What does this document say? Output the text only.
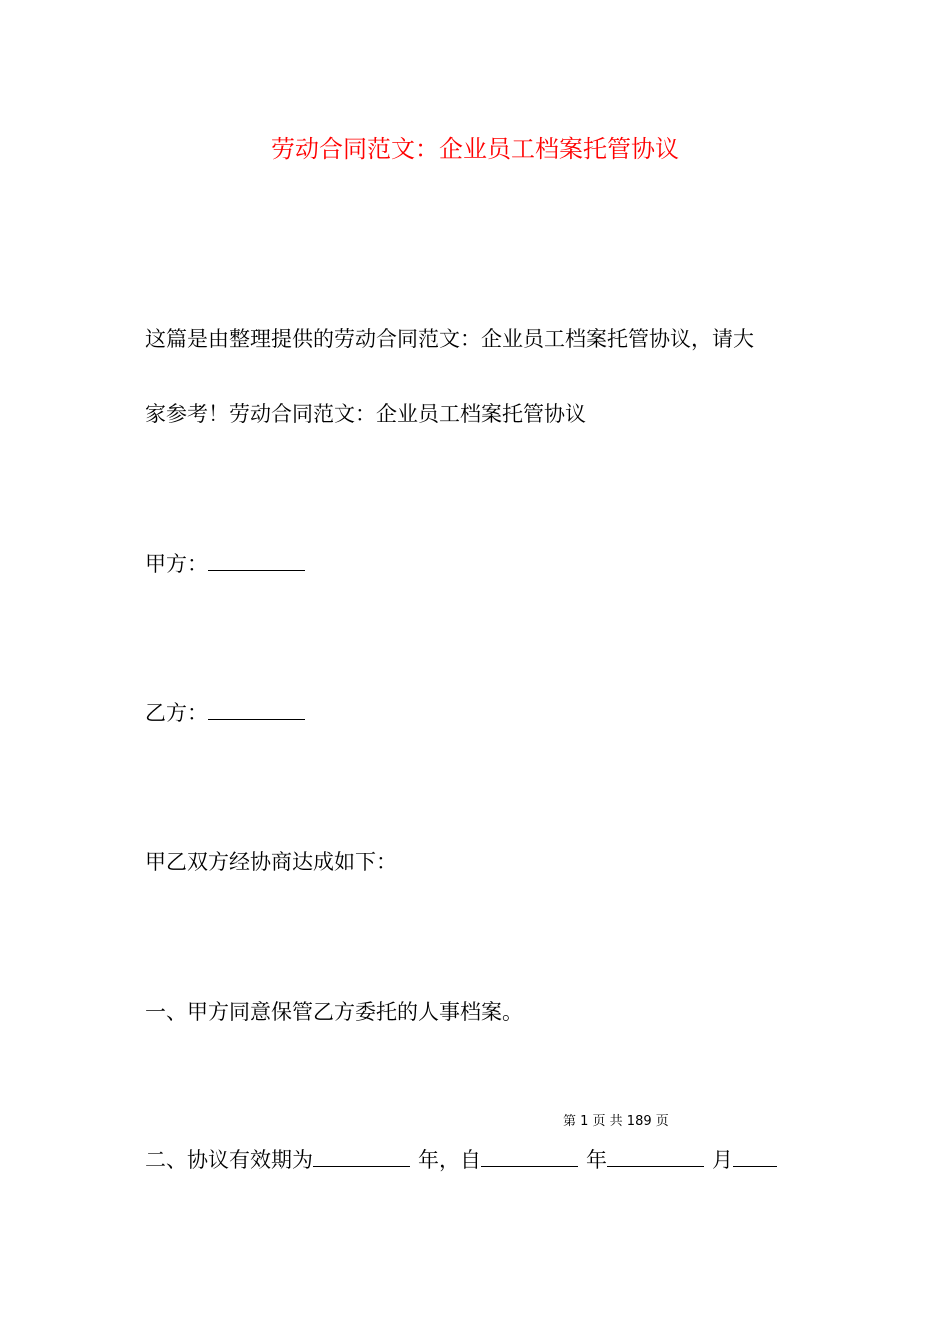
劳动合同范文：企业员工档案托管协议
这篇是由整理提供的劳动合同范文：企业员工档案托管协议，请大
家参考！劳动合同范文：企业员工档案托管协议
甲方：
乙方：
甲乙双方经协商达成如下：
一、甲方同意保管乙方委托的人事档案。
第 1 页 共 189 页
二、协议有效期为	年，自	年	月
